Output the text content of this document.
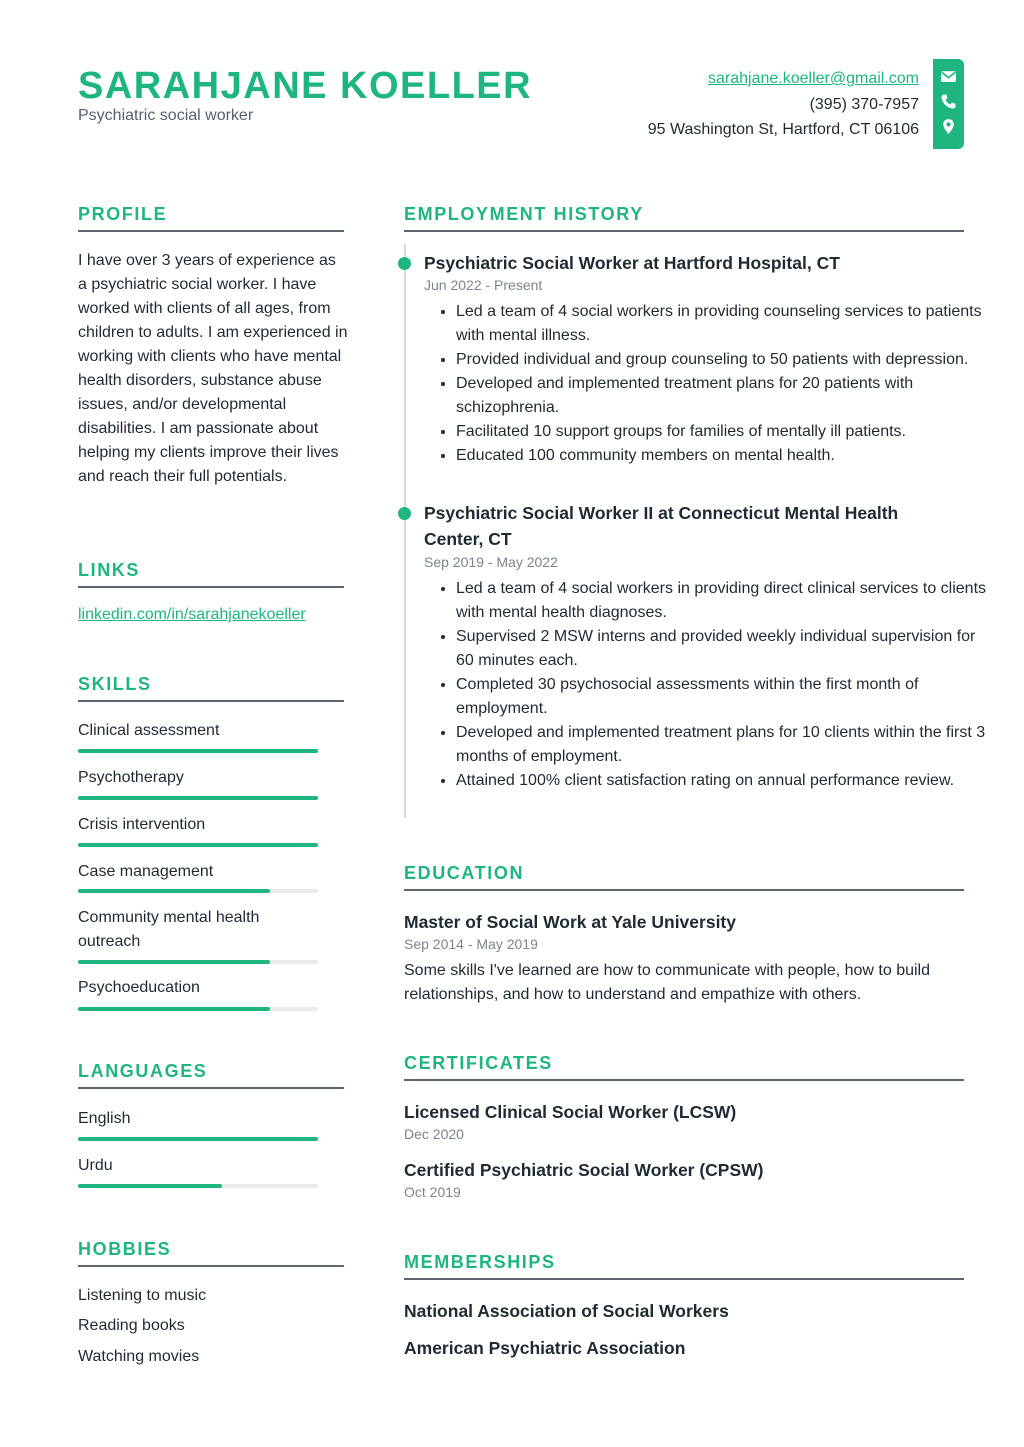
SARAHJANE KOELLER
Psychiatric social worker
sarahjane.koeller@gmail.com
(395) 370-7957
95 Washington St, Hartford, CT 06106
PROFILE

I have over 3 years of experience as a psychiatric social worker. I have worked with clients of all ages, from children to adults. I am experienced in working with clients who have mental health disorders, substance abuse issues, and/or developmental disabilities. I am passionate about helping my clients improve their lives and reach their full potentials.

LINKS
linkedin.com/in/sarahjanekoeller
SKILLS
Clinical assessment
Psychotherapy
Crisis intervention
Case management
Community mental health outreach
Psychoeducation
LANGUAGES
English
Urdu
HOBBIES
Listening to music
Reading books
Watching movies
EMPLOYMENT HISTORY
Psychiatric Social Worker at Hartford Hospital, CT
Jun 2022 - Present
• Led a team of 4 social workers in providing counseling services to patients with mental illness.
• Provided individual and group counseling to 50 patients with depression.
• Developed and implemented treatment plans for 20 patients with schizophrenia.
• Facilitated 10 support groups for families of mentally ill patients.
• Educated 100 community members on mental health.
Psychiatric Social Worker II at Connecticut Mental Health Center, CT
Sep 2019 - May 2022
• Led a team of 4 social workers in providing direct clinical services to clients with mental health diagnoses.
• Supervised 2 MSW interns and provided weekly individual supervision for 60 minutes each.
• Completed 30 psychosocial assessments within the first month of employment.
• Developed and implemented treatment plans for 10 clients within the first 3 months of employment.
• Attained 100% client satisfaction rating on annual performance review.
EDUCATION
Master of Social Work at Yale University
Sep 2014 - May 2019

Some skills I've learned are how to communicate with people, how to build relationships, and how to understand and empathize with others.

CERTIFICATES
Licensed Clinical Social Worker (LCSW)
Dec 2020
Certified Psychiatric Social Worker (CPSW)
Oct 2019
MEMBERSHIPS
National Association of Social Workers
American Psychiatric Association
